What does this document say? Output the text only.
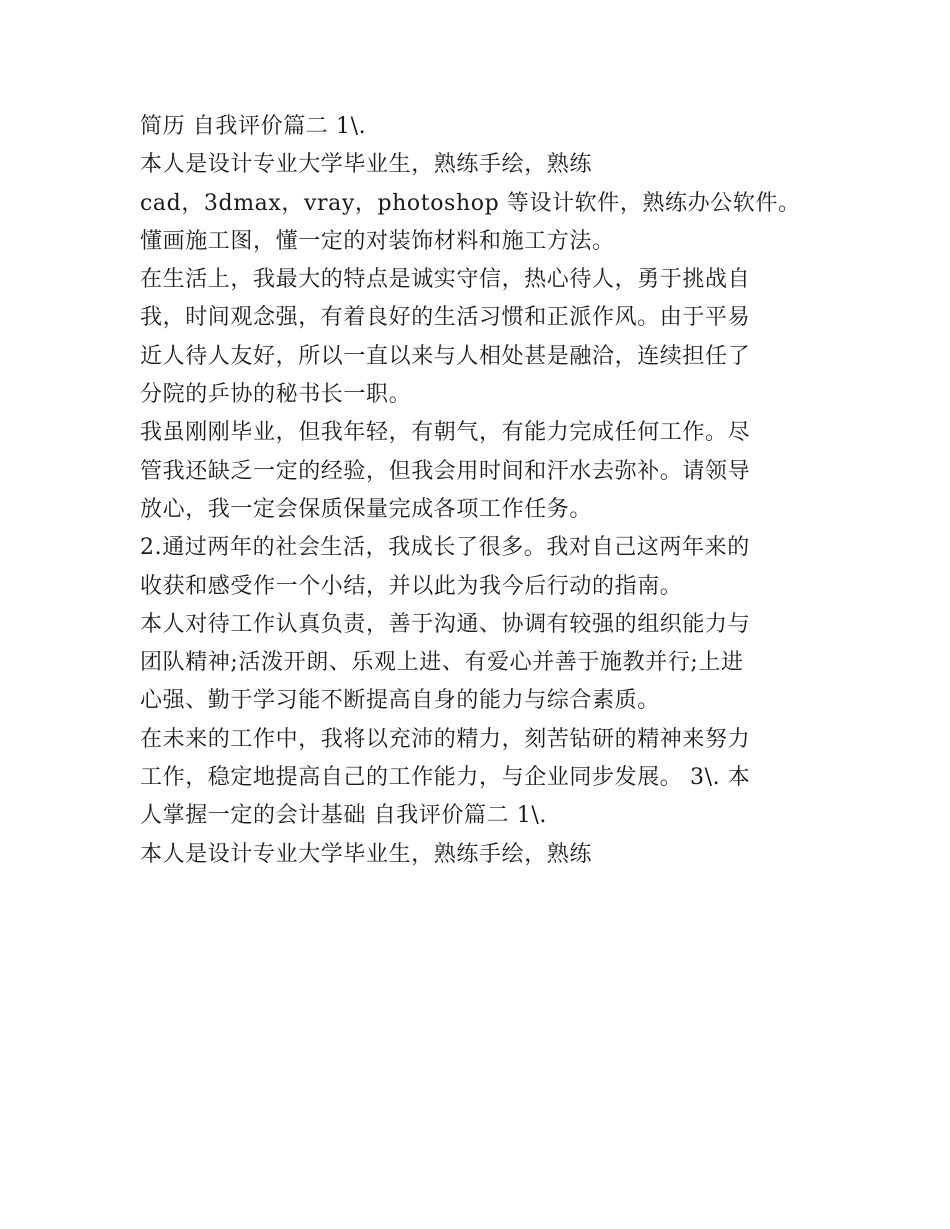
简历 自我评价篇二 1\.

本人是设计专业大学毕业生，熟练手绘，熟练

cad，3dmax，vray，photoshop 等设计软件，熟练办公软件。

懂画施工图，懂一定的对装饰材料和施工方法。

在生活上，我最大的特点是诚实守信，热心待人，勇于挑战自

我，时间观念强，有着良好的生活习惯和正派作风。由于平易

近人待人友好，所以一直以来与人相处甚是融洽，连续担任了

分院的乒协的秘书长一职。

我虽刚刚毕业，但我年轻，有朝气，有能力完成任何工作。尽

管我还缺乏一定的经验，但我会用时间和汗水去弥补。请领导

放心，我一定会保质保量完成各项工作任务。

2.通过两年的社会生活，我成长了很多。我对自己这两年来的

收获和感受作一个小结，并以此为我今后行动的指南。

本人对待工作认真负责，善于沟通、协调有较强的组织能力与

团队精神;活泼开朗、乐观上进、有爱心并善于施教并行;上进

心强、勤于学习能不断提高自身的能力与综合素质。

在未来的工作中，我将以充沛的精力，刻苦钻研的精神来努力

工作，稳定地提高自己的工作能力，与企业同步发展。 3\. 本

人掌握一定的会计基础 自我评价篇二 1\.

本人是设计专业大学毕业生，熟练手绘，熟练
